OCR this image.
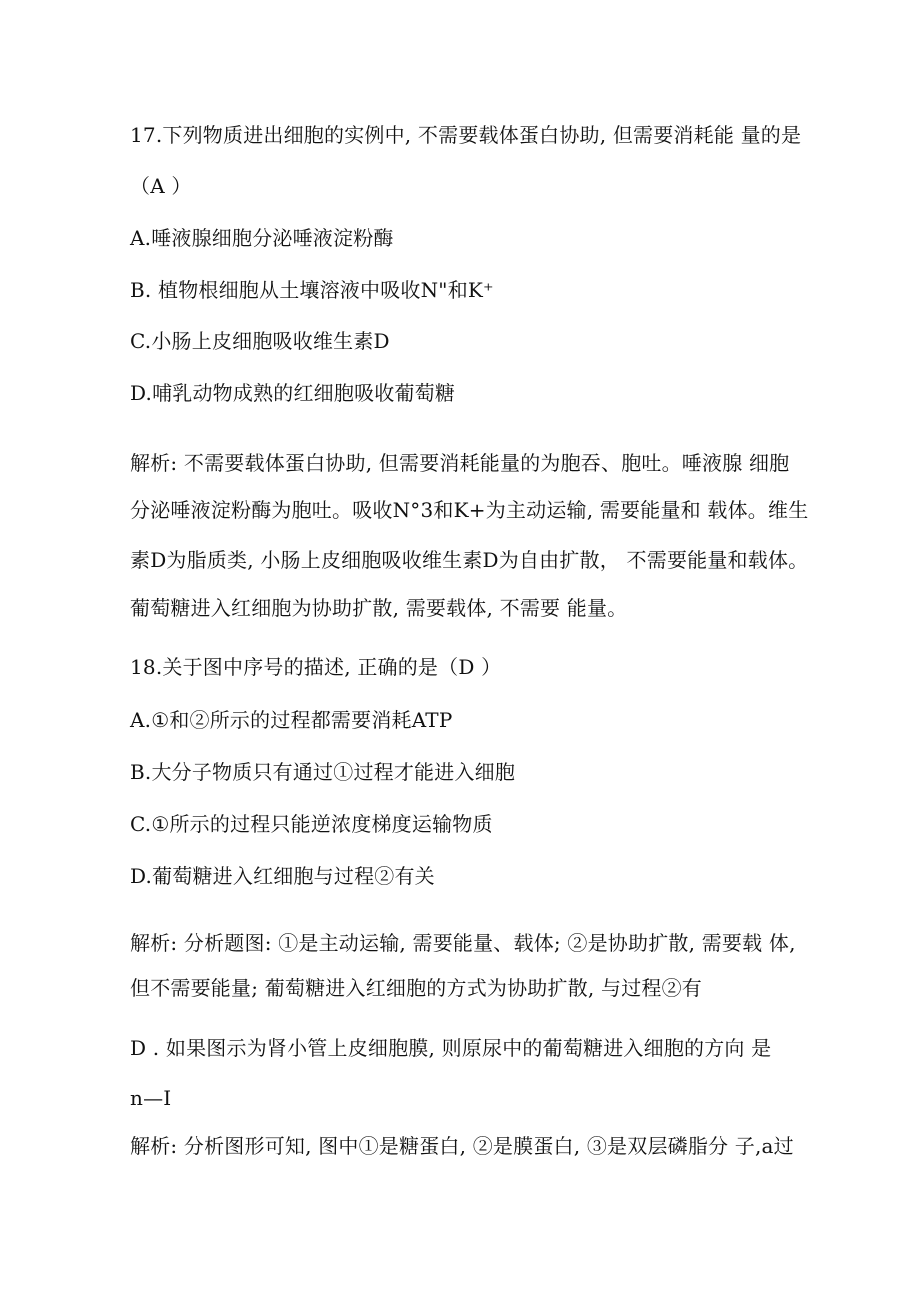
17.下列物质进出细胞的实例中, 不需要载体蛋白协助, 但需要消耗能 量的是
（A ）
A.唾液腺细胞分泌唾液淀粉酶
B. 植物根细胞从土壤溶液中吸收N"和K⁺
C.小肠上皮细胞吸收维生素D
D.哺乳动物成熟的红细胞吸收葡萄糖
解析: 不需要载体蛋白协助, 但需要消耗能量的为胞吞、胞吐。唾液腺 细胞
分泌唾液淀粉酶为胞吐。吸收N°3和K+为主动运输, 需要能量和 载体。维生
素D为脂质类, 小肠上皮细胞吸收维生素D为自由扩散， 不需要能量和载体。
葡萄糖进入红细胞为协助扩散, 需要载体, 不需要 能量。
18.关于图中序号的描述, 正确的是（D ）
A.①和②所示的过程都需要消耗ATP
B.大分子物质只有通过①过程才能进入细胞
C.①所示的过程只能逆浓度梯度运输物质
D.葡萄糖进入红细胞与过程②有关
解析: 分析题图: ①是主动运输, 需要能量、载体; ②是协助扩散, 需要载 体,
但不需要能量; 葡萄糖进入红细胞的方式为协助扩散, 与过程②有
D . 如果图示为肾小管上皮细胞膜, 则原尿中的葡萄糖进入细胞的方向 是
n—I
解析: 分析图形可知, 图中①是糖蛋白, ②是膜蛋白, ③是双层磷脂分 子,a过
